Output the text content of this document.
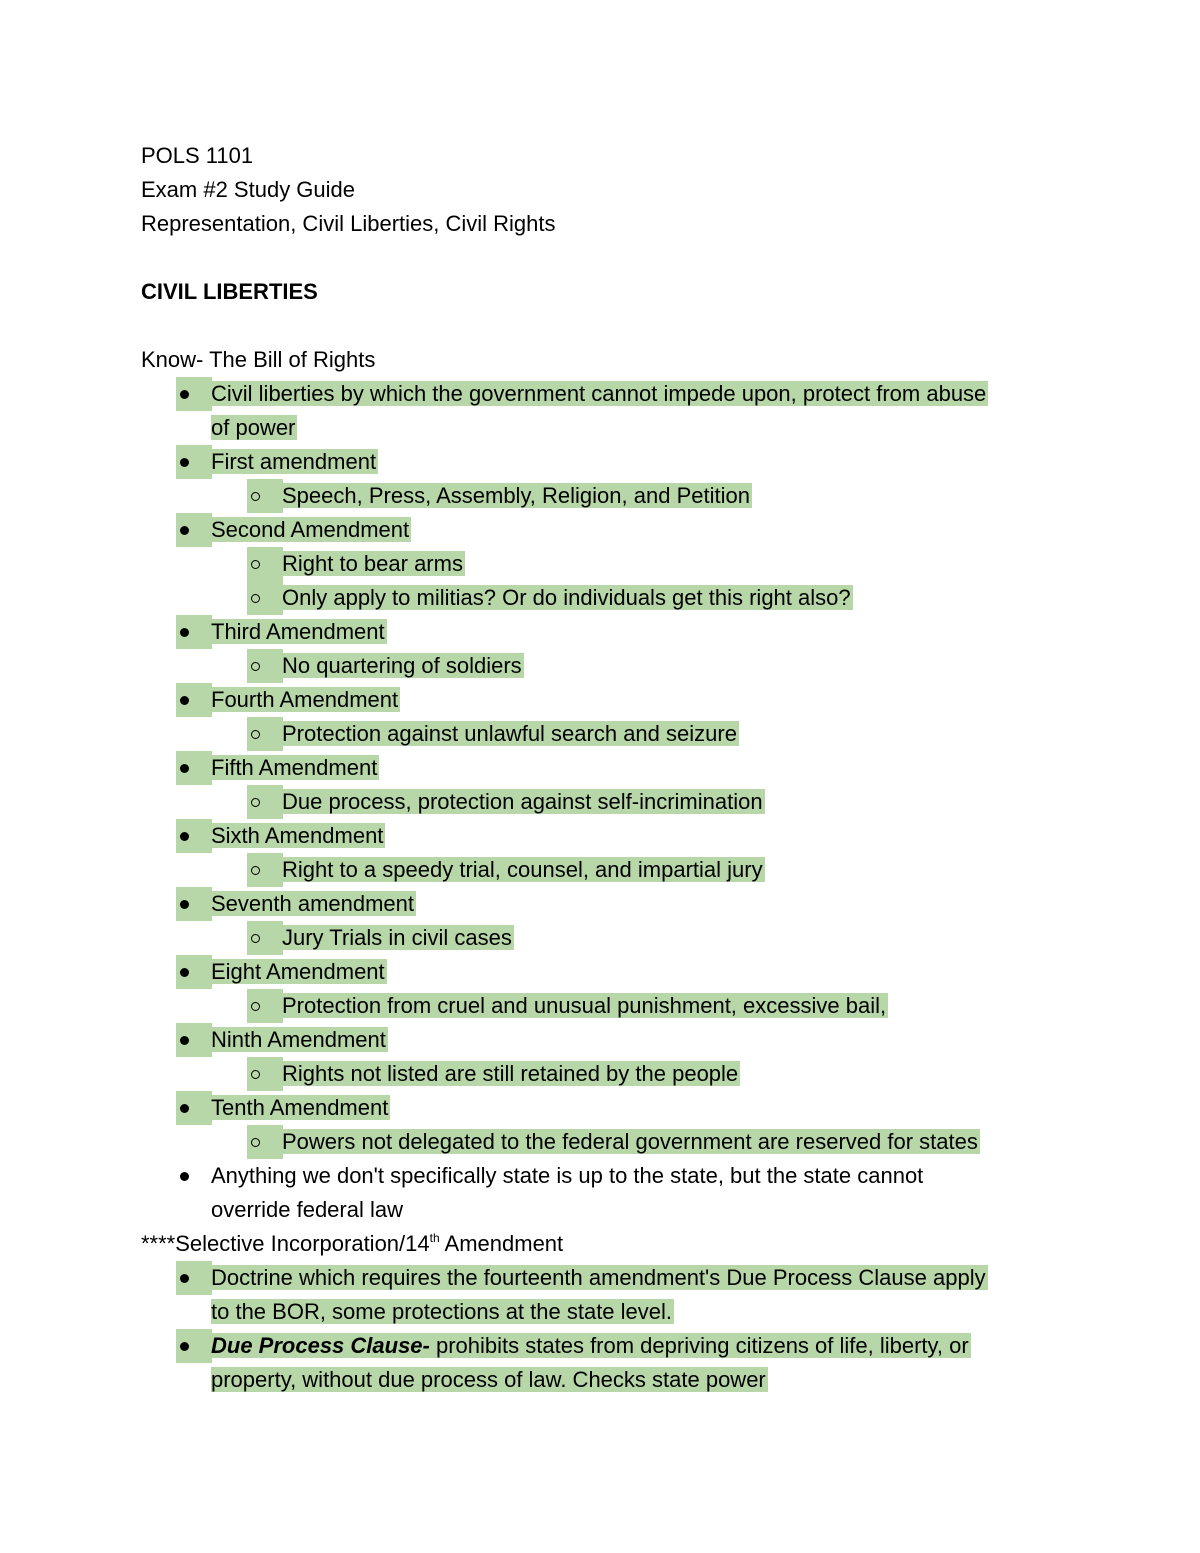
POLS 1101
Exam #2 Study Guide
Representation, Civil Liberties, Civil Rights
CIVIL LIBERTIES
Know- The Bill of Rights
Civil liberties by which the government cannot impede upon, protect from abuse
of power
First amendment
Speech, Press, Assembly, Religion, and Petition
Second Amendment
Right to bear arms
Only apply to militias? Or do individuals get this right also?
Third Amendment
No quartering of soldiers
Fourth Amendment
Protection against unlawful search and seizure
Fifth Amendment
Due process, protection against self-incrimination
Sixth Amendment
Right to a speedy trial, counsel, and impartial jury
Seventh amendment
Jury Trials in civil cases
Eight Amendment
Protection from cruel and unusual punishment, excessive bail,
Ninth Amendment
Rights not listed are still retained by the people
Tenth Amendment
Powers not delegated to the federal government are reserved for states
Anything we don't specifically state is up to the state, but the state cannot
override federal law
****Selective Incorporation/14th Amendment
Doctrine which requires the fourteenth amendment's Due Process Clause apply
to the BOR, some protections at the state level.
Due Process Clause- prohibits states from depriving citizens of life, liberty, or
property, without due process of law. Checks state power
